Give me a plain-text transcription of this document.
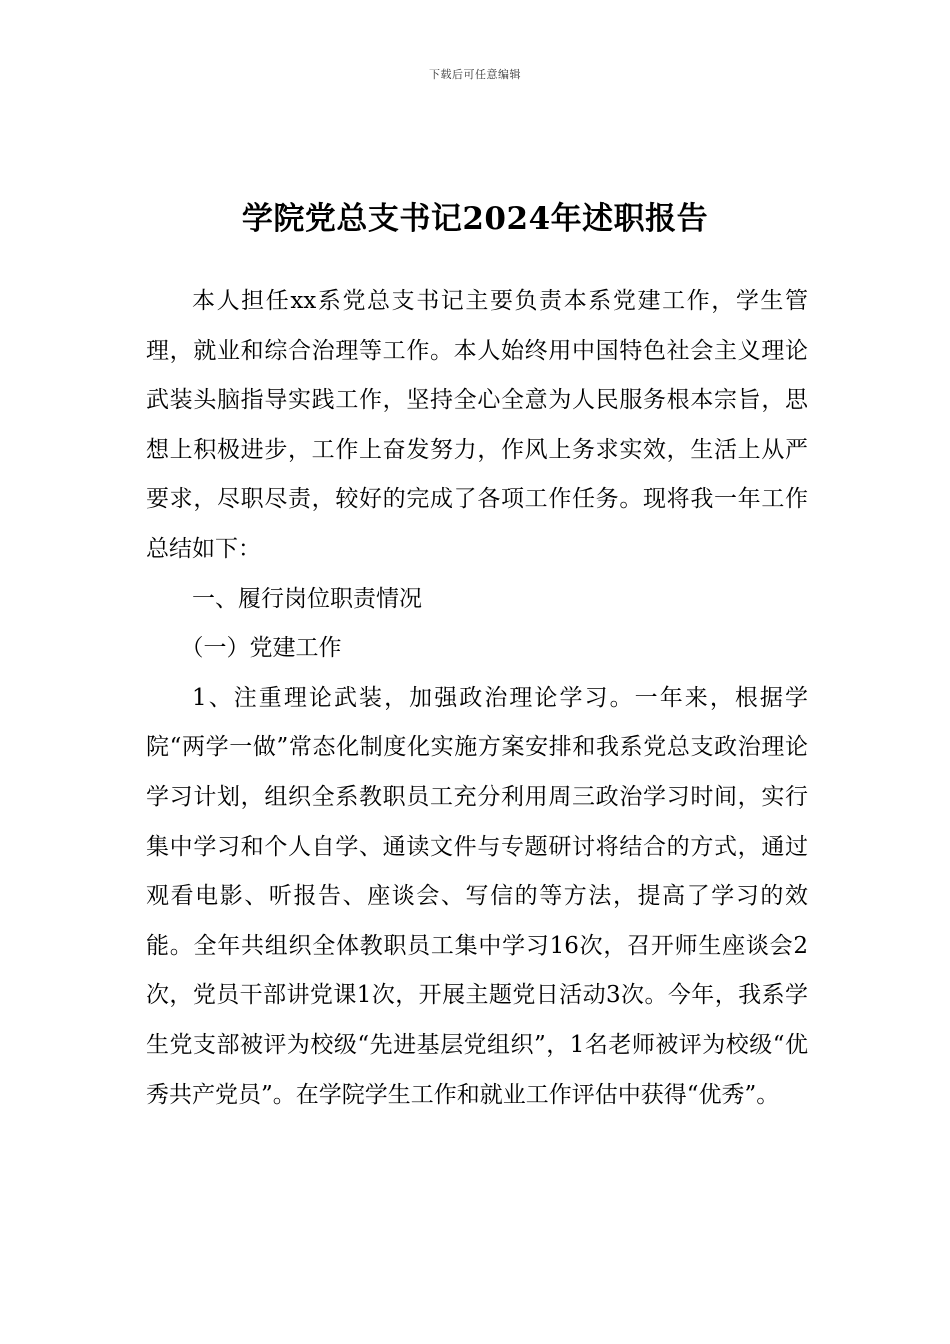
下载后可任意编辑
学院党总支书记2024年述职报告

本人担任xx系党总支书记主要负责本系党建工作，学生管理，就业和综合治理等工作。本人始终用中国特色社会主义理论武装头脑指导实践工作，坚持全心全意为人民服务根本宗旨，思想上积极进步，工作上奋发努力，作风上务求实效，生活上从严要求，尽职尽责，较好的完成了各项工作任务。现将我一年工作总结如下：

一、履行岗位职责情况

（一）党建工作

1、注重理论武装，加强政治理论学习。一年来，根据学院“两学一做”常态化制度化实施方案安排和我系党总支政治理论学习计划，组织全系教职员工充分利用周三政治学习时间，实行集中学习和个人自学、通读文件与专题研讨将结合的方式，通过观看电影、听报告、座谈会、写信的等方法，提高了学习的效能。全年共组织全体教职员工集中学习16次，召开师生座谈会2次，党员干部讲党课1次，开展主题党日活动3次。今年，我系学生党支部被评为校级“先进基层党组织”，1名老师被评为校级“优秀共产党员”。在学院学生工作和就业工作评估中获得“优秀”。
